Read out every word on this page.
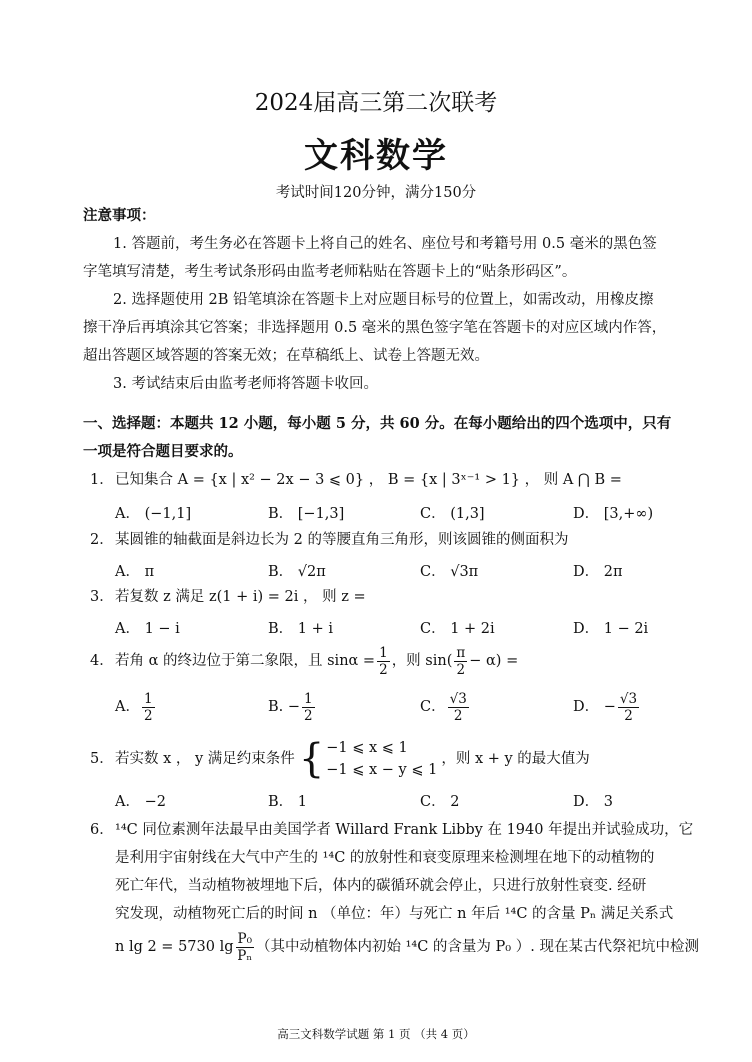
2024届高三第二次联考
文科数学
考试时间120分钟，满分150分
注意事项：
1. 答题前，考生务必在答题卡上将自己的姓名、座位号和考籍号用 0.5 毫米的黑色签
字笔填写清楚，考生考试条形码由监考老师粘贴在答题卡上的“贴条形码区”。
2. 选择题使用 2B 铅笔填涂在答题卡上对应题目标号的位置上，如需改动，用橡皮擦
擦干净后再填涂其它答案；非选择题用 0.5 毫米的黑色签字笔在答题卡的对应区域内作答，
超出答题区域答题的答案无效；在草稿纸上、试卷上答题无效。
3. 考试结束后由监考老师将答题卡收回。
一、选择题：本题共 12 小题，每小题 5 分，共 60 分。在每小题给出的四个选项中，只有
一项是符合题目要求的。
1． 已知集合 A = {x | x² − 2x − 3 ⩽ 0} ， B = {x | 3ˣ⁻¹ > 1} ， 则 A ⋂ B =
A． (−1,1]	B． [−1,3]	C． (1,3]	D． [3,+∞)
2． 某圆锥的轴截面是斜边长为 2 的等腰直角三角形，则该圆锥的侧面积为
A． π	B． √2π	C． √3π	D． 2π
3． 若复数 z 满足 z(1 + i) = 2i ， 则 z =
A． 1 − i	B． 1 + i	C． 1 + 2i	D． 1 − 2i
4． 若角 α 的终边位于第二象限，且 $\sin\alpha = \frac{1}{2}$ ，则 $\sin( \frac{\pi}{2} - \alpha)$ =
A． $\frac{1}{2}$	B. − $\frac{1}{2}$	C． $\frac{√3}{2}$	D． − $\frac{√3}{2}$
5． 若实数 x ， y 满足约束条件 { −1 ⩽ x ⩽ 1
−1 ⩽ x − y ⩽ 1
，则 x + y 的最大值为
A． −2	B． 1	C． 2	D． 3
6． ¹⁴C 同位素测年法最早由美国学者 Willard Frank Libby 在 1940 年提出并试验成功，它
是利用宇宙射线在大气中产生的 ¹⁴C 的放射性和衰变原理来检测埋在地下的动植物的
死亡年代，当动植物被埋地下后，体内的碳循环就会停止，只进行放射性衰变. 经研
究发现，动植物死亡后的时间 n （单位：年）与死亡 n 年后 ¹⁴C 的含量 Pₙ 满足关系式
n lg 2 = 5730 $\lg \frac{\text{P₀}}{\text{Pₙ}}$ （其中动植物体内初始 ¹⁴C 的含量为 P₀ ）. 现在某古代祭祀坑中检测
高三文科数学试题 第 1 页 （共 4 页）
